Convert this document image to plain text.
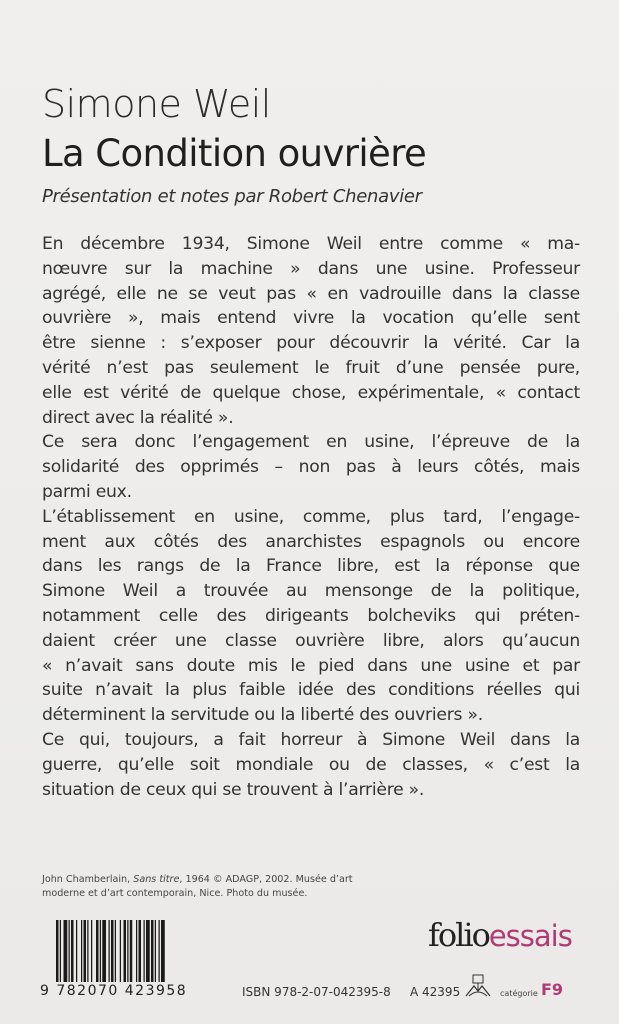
Simone Weil
La Condition ouvrière
Présentation et notes par Robert Chenavier
En décembre 1934, Simone Weil entre comme « ma-
nœuvre sur la machine » dans une usine. Professeur
agrégé, elle ne se veut pas « en vadrouille dans la classe
ouvrière », mais entend vivre la vocation qu’elle sent
être sienne : s’exposer pour découvrir la vérité. Car la
vérité n’est pas seulement le fruit d’une pensée pure,
elle est vérité de quelque chose, expérimentale, « contact
direct avec la réalité ».
Ce sera donc l’engagement en usine, l’épreuve de la
solidarité des opprimés – non pas à leurs côtés, mais
parmi eux.
L’établissement en usine, comme, plus tard, l’engage-
ment aux côtés des anarchistes espagnols ou encore
dans les rangs de la France libre, est la réponse que
Simone Weil a trouvée au mensonge de la politique,
notamment celle des dirigeants bolcheviks qui préten-
daient créer une classe ouvrière libre, alors qu’aucun
« n’avait sans doute mis le pied dans une usine et par
suite n’avait la plus faible idée des conditions réelles qui
déterminent la servitude ou la liberté des ouvriers ».
Ce qui, toujours, a fait horreur à Simone Weil dans la
guerre, qu’elle soit mondiale ou de classes, « c’est la
situation de ceux qui se trouvent à l’arrière ».
John Chamberlain, Sans titre, 1964 © ADAGP, 2002. Musée d’art
moderne et d’art contemporain, Nice. Photo du musée.
folioessais
9 782070 423958	ISBN 978-2-07-042395-8 A 42395	catégorie F9
